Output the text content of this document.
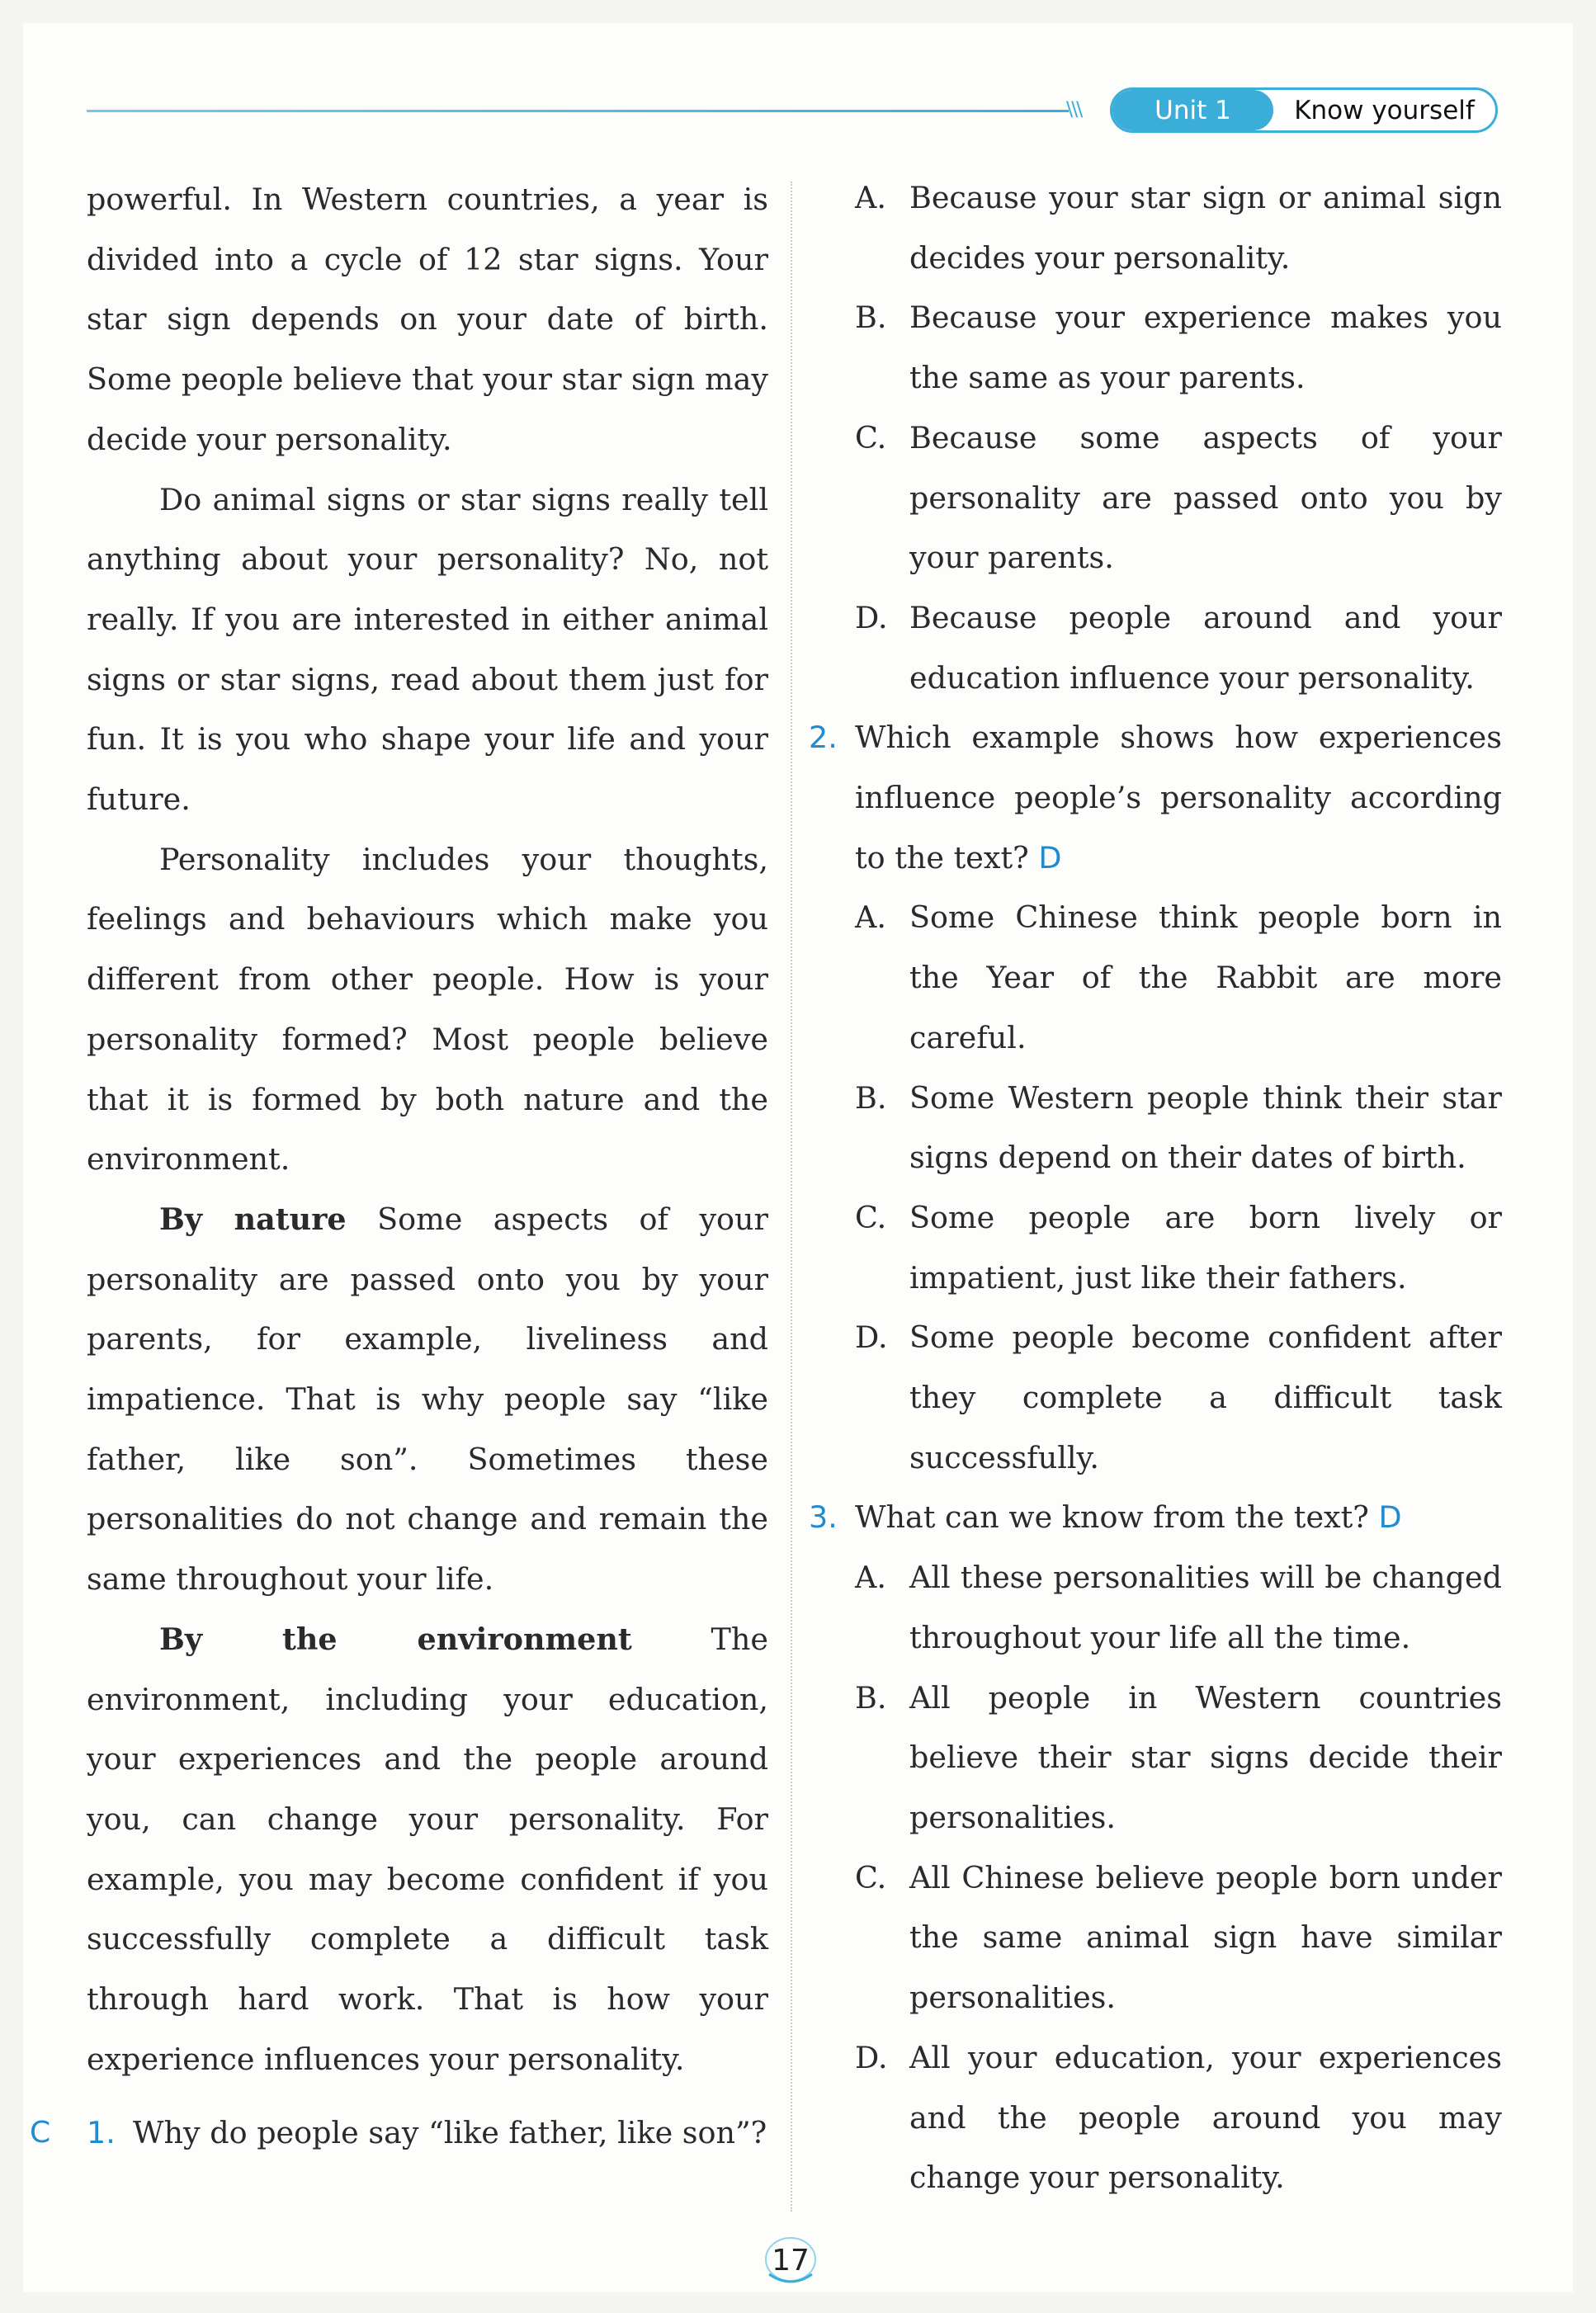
\\\	Unit 1	Know yourself

powerful. In Western countries, a year is divided into a cycle of 12 star signs. Your star sign depends on your date of birth. Some people believe that your star sign may decide your personality.

Do animal signs or star signs really tell anything about your personality? No, not really. If you are interested in either animal signs or star signs, read about them just for fun. It is you who shape your life and your future.

Personality includes your thoughts, feelings and behaviours which make you different from other people. How is your personality formed? Most people believe that it is formed by both nature and the environment.

By nature Some aspects of your personality are passed onto you by your parents, for example, liveliness and impatience. That is why people say “like father, like son”. Sometimes these personalities do not change and remain the same throughout your life.

By the environment The environment, including your education, your experiences and the people around you, can change your personality. For example, you may become confident if you successfully complete a difficult task through hard work. That is how your experience influences your personality.

C 1. Why do people say “like father, like son”?
A. Because your star sign or animal sign decides your personality.
B. Because your experience makes you the same as your parents.
C. Because some aspects of your personality are passed onto you by your parents.
D. Because people around and your education influence your personality.
2. Which example shows how experiences influence people’s personality according to the text? D
A. Some Chinese think people born in the Year of the Rabbit are more careful.
B. Some Western people think their star signs depend on their dates of birth.
C. Some people are born lively or impatient, just like their fathers.
D. Some people become confident after they complete a difficult task successfully.
3. What can we know from the text? D
A. All these personalities will be changed throughout your life all the time.
B. All people in Western countries believe their star signs decide their personalities.
C. All Chinese believe people born under the same animal sign have similar personalities.
D. All your education, your experiences and the people around you may change your personality.
17
